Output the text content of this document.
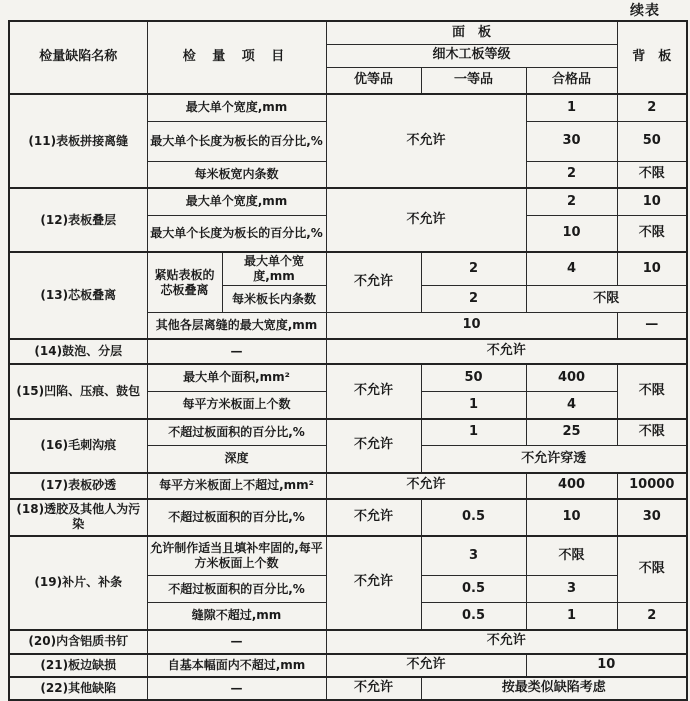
续表
检量缺陷名称	检 量 项 目		面　板			背　板
			细木工板等级			
			优等品	一等品	合格品	
(11)表板拼接离缝	最大单个宽度,mm		不允许		1	2
	最大单个长度为板长的百分比,%				30	50
	每米板宽内条数				2	不限
(12)表板叠层	最大单个宽度,mm		不允许		2	10
	最大单个长度为板长的百分比,%				10	不限
(13)芯板叠离	紧贴表板的芯板叠离	最大单个宽度,mm	不允许	2	4	10
		每米板长内条数		2	不限	
	其他各层离缝的最大宽度,mm		10			—
(14)鼓泡、分层	—		不允许			
(15)凹陷、压痕、鼓包	最大单个面积,mm²		不允许	50	400	不限
	每平方米板面上个数			1	4	
(16)毛刺沟痕	不超过板面积的百分比,%		不允许	1	25	不限
	深度			不允许穿透		
(17)表板砂透	每平方米板面上不超过,mm²		不允许		400	10000
(18)透胶及其他人为污染	不超过板面积的百分比,%		不允许	0.5	10	30
(19)补片、补条	允许制作适当且填补牢固的,每平方米板面上个数		不允许	3	不限	不限
	不超过板面积的百分比,%			0.5	3	
	缝隙不超过,mm			0.5	1	2
(20)内含铝质书钉	—		不允许			
(21)板边缺损	自基本幅面内不超过,mm		不允许		10	
(22)其他缺陷	—		不允许	按最类似缺陷考虑		
